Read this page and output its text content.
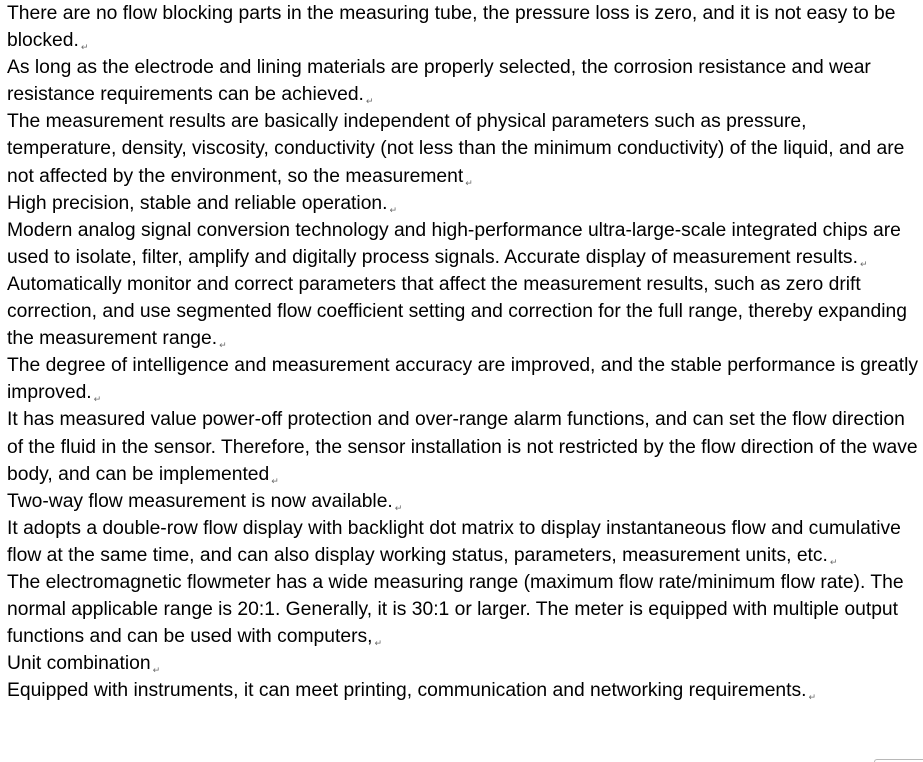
There are no flow blocking parts in the measuring tube, the pressure loss is zero, and it is not easy to be blocked. ↵

As long as the electrode and lining materials are properly selected, the corrosion resistance and wear resistance requirements can be achieved. ↵

The measurement results are basically independent of physical parameters such as pressure, temperature, density, viscosity, conductivity (not less than the minimum conductivity) of the liquid, and are not affected by the environment, so the measurement ↵

High precision, stable and reliable operation. ↵

Modern analog signal conversion technology and high-performance ultra-large-scale integrated chips are used to isolate, filter, amplify and digitally process signals. Accurate display of measurement results. ↵

Automatically monitor and correct parameters that affect the measurement results, such as zero drift correction, and use segmented flow coefficient setting and correction for the full range, thereby expanding the measurement range. ↵

The degree of intelligence and measurement accuracy are improved, and the stable performance is greatly improved. ↵

It has measured value power-off protection and over-range alarm functions, and can set the flow direction of the fluid in the sensor. Therefore, the sensor installation is not restricted by the flow direction of the wave body, and can be implemented ↵

Two-way flow measurement is now available. ↵

It adopts a double-row flow display with backlight dot matrix to display instantaneous flow and cumulative flow at the same time, and can also display working status, parameters, measurement units, etc. ↵

The electromagnetic flowmeter has a wide measuring range (maximum flow rate/minimum flow rate). The normal applicable range is 20:1. Generally, it is 30:1 or larger. The meter is equipped with multiple output functions and can be used with computers, ↵

Unit combination ↵

Equipped with instruments, it can meet printing, communication and networking requirements. ↵
